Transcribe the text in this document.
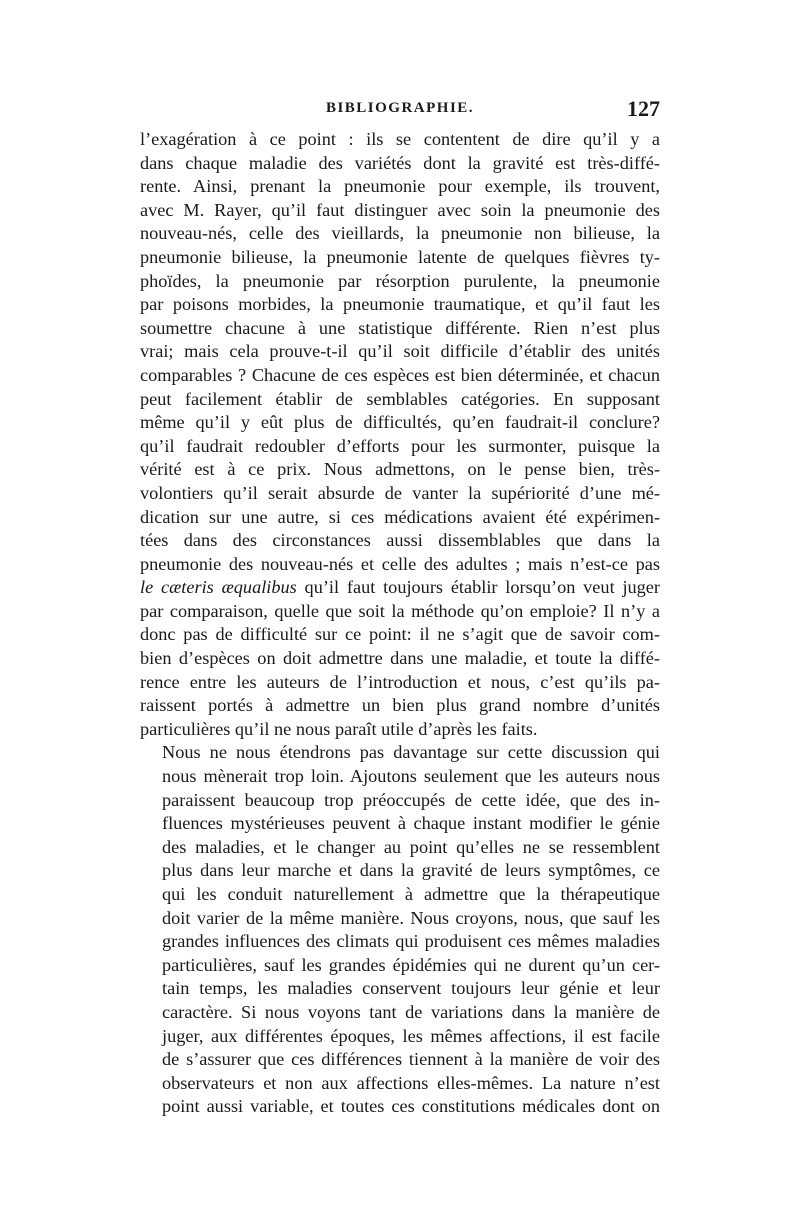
BIBLIOGRAPHIE.	127

l’exagération à ce point : ils se contentent de dire qu’il y a
dans chaque maladie des variétés dont la gravité est très-diffé-
rente. Ainsi, prenant la pneumonie pour exemple, ils trouvent,
avec M. Rayer, qu’il faut distinguer avec soin la pneumonie des
nouveau-nés, celle des vieillards, la pneumonie non bilieuse, la
pneumonie bilieuse, la pneumonie latente de quelques fièvres ty-
phoïdes, la pneumonie par résorption purulente, la pneumonie
par poisons morbides, la pneumonie traumatique, et qu’il faut les
soumettre chacune à une statistique différente. Rien n’est plus
vrai; mais cela prouve-t-il qu’il soit difficile d’établir des unités
comparables ? Chacune de ces espèces est bien déterminée, et chacun
peut facilement établir de semblables catégories. En supposant
même qu’il y eût plus de difficultés, qu’en faudrait-il conclure?
qu’il faudrait redoubler d’efforts pour les surmonter, puisque la
vérité est à ce prix. Nous admettons, on le pense bien, très-
volontiers qu’il serait absurde de vanter la supériorité d’une mé-
dication sur une autre, si ces médications avaient été expérimen-
tées dans des circonstances aussi dissemblables que dans la
pneumonie des nouveau-nés et celle des adultes ; mais n’est-ce pas
le cæteris æqualibus qu’il faut toujours établir lorsqu’on veut juger
par comparaison, quelle que soit la méthode qu’on emploie? Il n’y a
donc pas de difficulté sur ce point: il ne s’agit que de savoir com-
bien d’espèces on doit admettre dans une maladie, et toute la diffé-
rence entre les auteurs de l’introduction et nous, c’est qu’ils pa-
raissent portés à admettre un bien plus grand nombre d’unités
particulières qu’il ne nous paraît utile d’après les faits.

Nous ne nous étendrons pas davantage sur cette discussion qui
nous mènerait trop loin. Ajoutons seulement que les auteurs nous
paraissent beaucoup trop préoccupés de cette idée, que des in-
fluences mystérieuses peuvent à chaque instant modifier le génie
des maladies, et le changer au point qu’elles ne se ressemblent
plus dans leur marche et dans la gravité de leurs symptômes, ce
qui les conduit naturellement à admettre que la thérapeutique
doit varier de la même manière. Nous croyons, nous, que sauf les
grandes influences des climats qui produisent ces mêmes maladies
particulières, sauf les grandes épidémies qui ne durent qu’un cer-
tain temps, les maladies conservent toujours leur génie et leur
caractère. Si nous voyons tant de variations dans la manière de
juger, aux différentes époques, les mêmes affections, il est facile
de s’assurer que ces différences tiennent à la manière de voir des
observateurs et non aux affections elles-mêmes. La nature n’est
point aussi variable, et toutes ces constitutions médicales dont on
